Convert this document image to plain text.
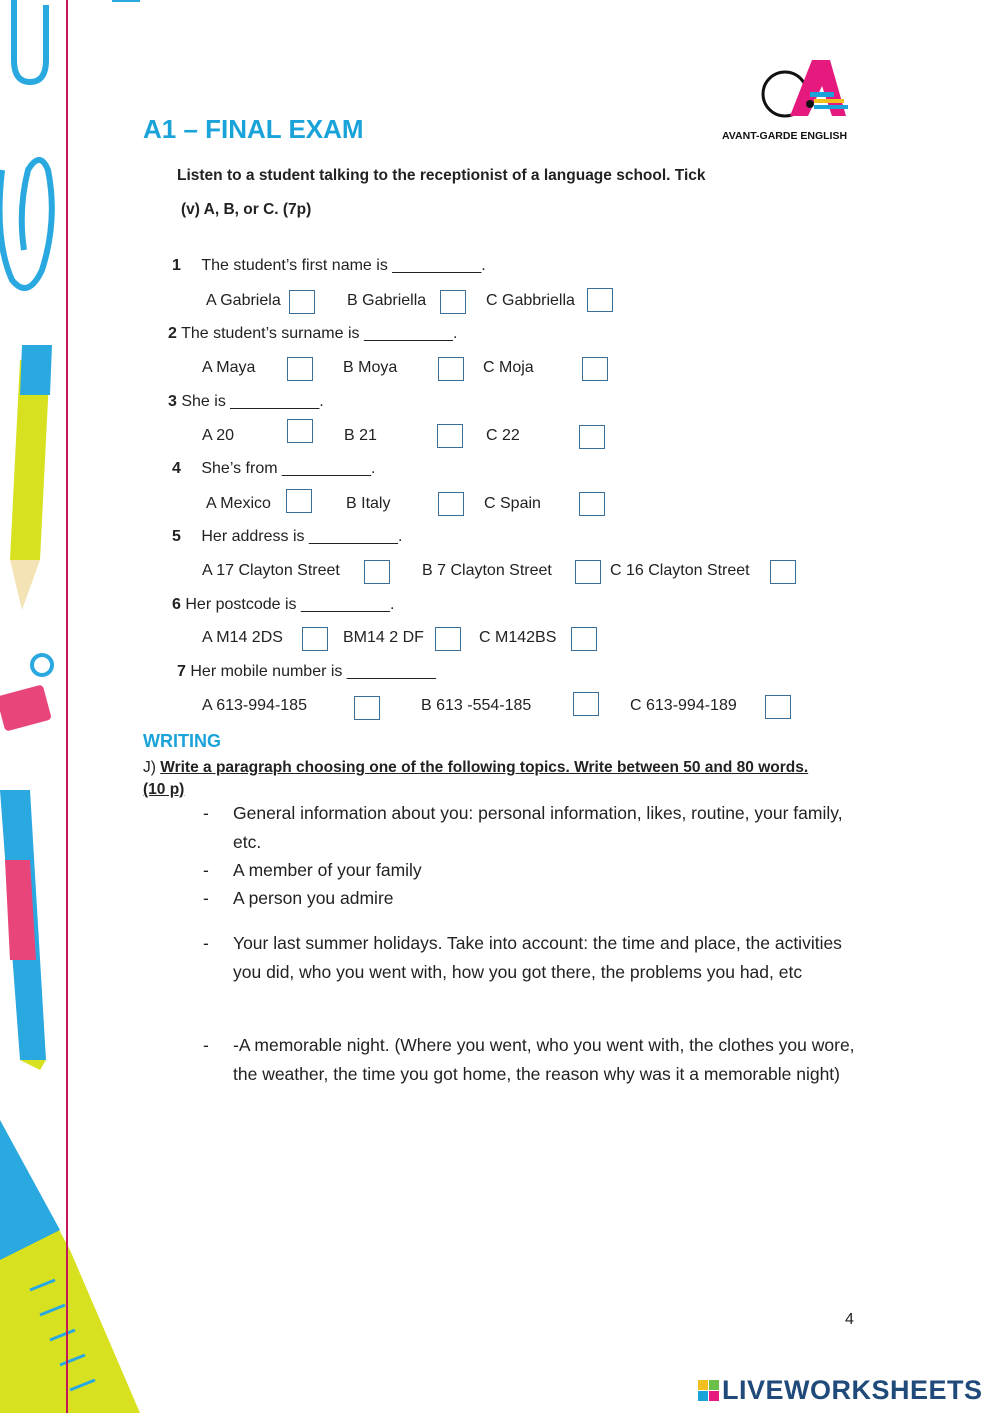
A1 – FINAL EXAM	AVANT-GARDE ENGLISH
Listen to a student talking to the receptionist of a language school. Tick
(v) A, B, or C. (7p)
1 The student’s first name is __________.
A Gabriela	B Gabriella	C Gabbriella
2 The student’s surname is __________.
A Maya	B Moya	C Moja
3 She is __________.
A 20	B 21	C 22
4 She’s from __________.
A Mexico	B Italy	C Spain
5 Her address is __________.
A 17 Clayton Street	B 7 Clayton Street	C 16 Clayton Street
6 Her postcode is __________.
A M14 2DS	BM14 2 DF	C M142BS
7 Her mobile number is __________
A 613-994-185	B 613 -554-185	C 613-994-189
WRITING
J) Write a paragraph choosing one of the following topics. Write between 50 and 80 words.
(10 p)
- General information about you: personal information, likes, routine, your family, etc.
- A member of your family
- A person you admire
- Your last summer holidays. Take into account: the time and place, the activities you did, who you went with, how you got there, the problems you had, etc
- -A memorable night. (Where you went, who you went with, the clothes you wore, the weather, the time you got home, the reason why was it a memorable night)
4
LIVEWORKSHEETS
